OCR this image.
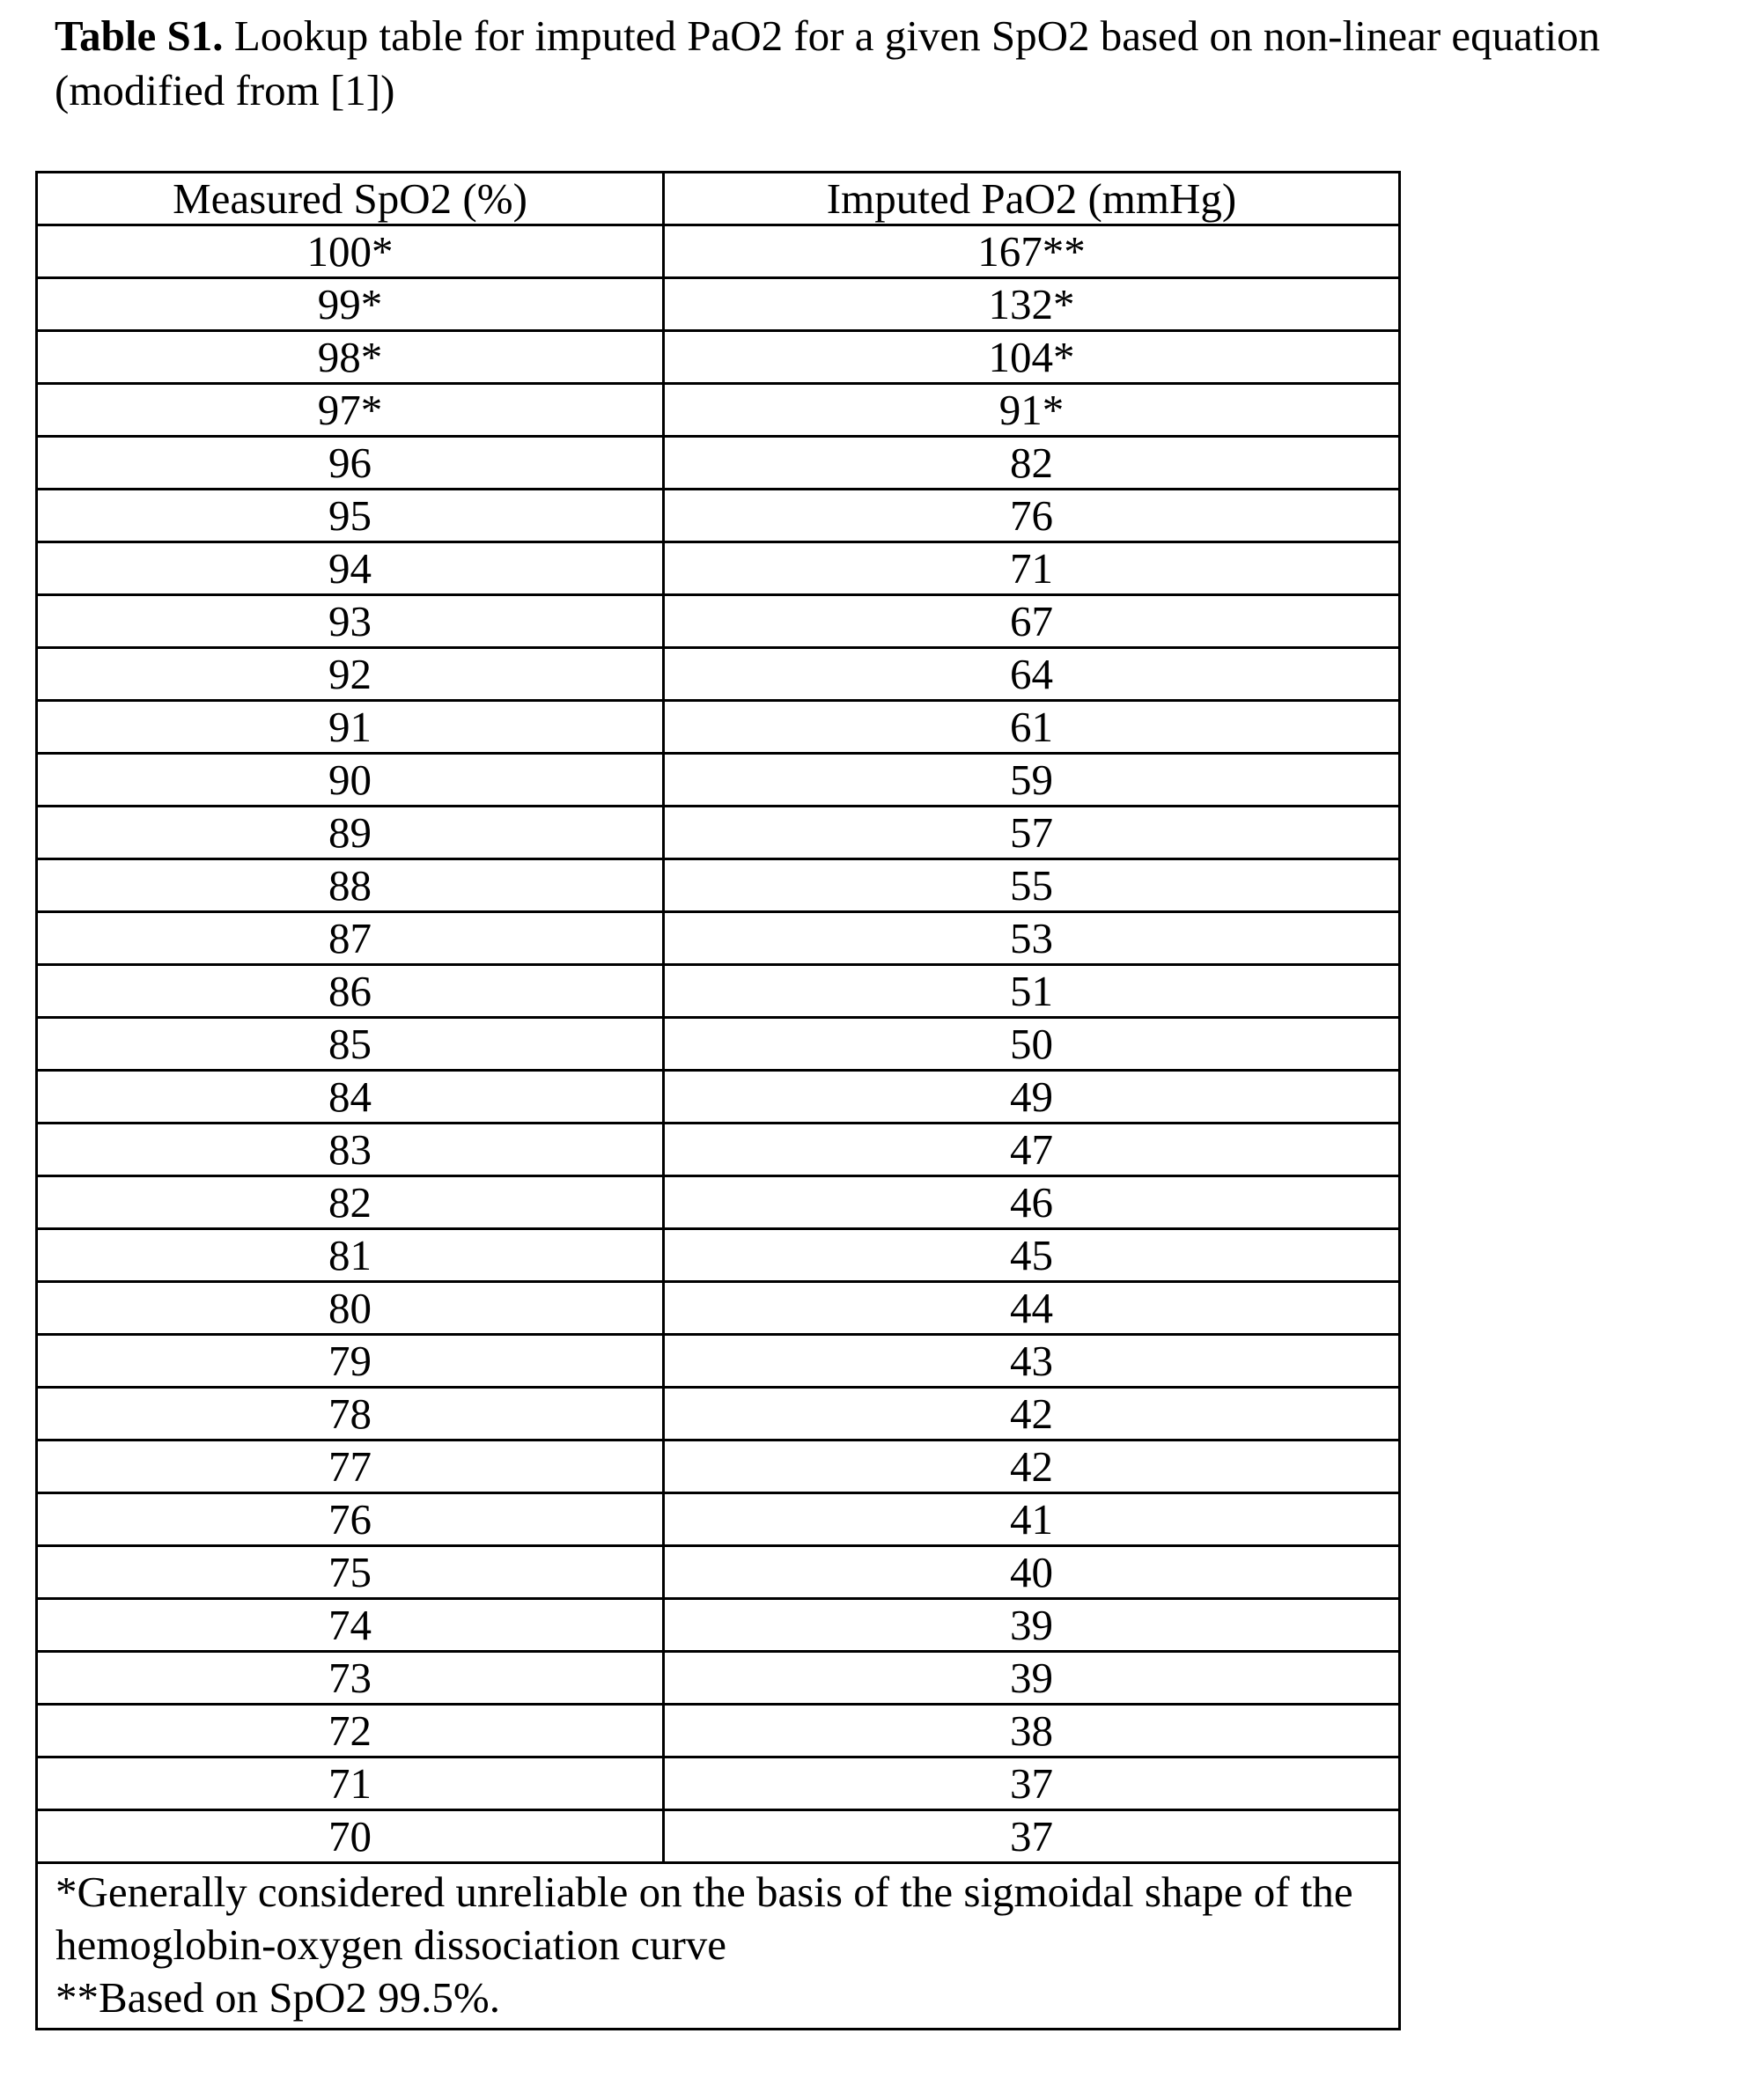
Table S1. Lookup table for imputed PaO2 for a given SpO2 based on non-linear equation (modified from [1])
Measured SpO2 (%)	Imputed PaO2 (mmHg)
100*	167**
99*	132*
98*	104*
97*	91*
96	82
95	76
94	71
93	67
92	64
91	61
90	59
89	57
88	55
87	53
86	51
85	50
84	49
83	47
82	46
81	45
80	44
79	43
78	42
77	42
76	41
75	40
74	39
73	39
72	38
71	37
70	37

*Generally considered unreliable on the basis of the sigmoidal shape of the hemoglobin-oxygen dissociation curve
**Based on SpO2 99.5%.	
